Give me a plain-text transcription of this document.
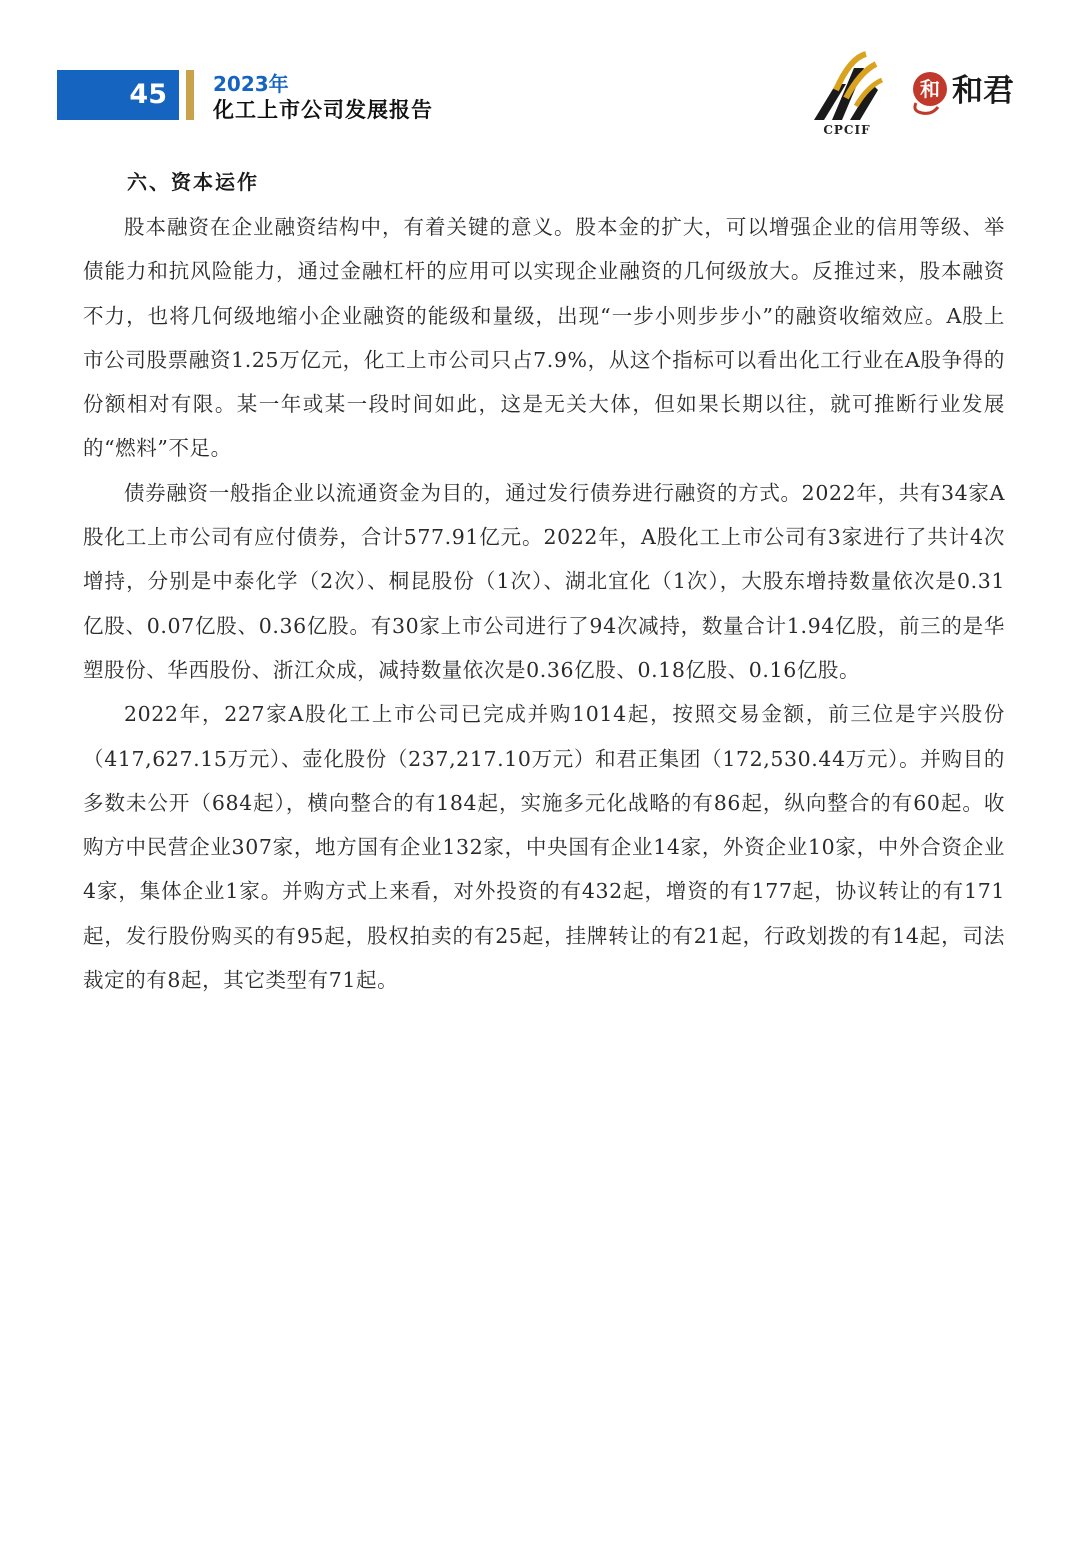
45	2023年
化工上市公司发展报告
CPCIF
和 和君
六、资本运作

股本融资在企业融资结构中，有着关键的意义。股本金的扩大，可以增强企业的信用等级、举债能力和抗风险能力，通过金融杠杆的应用可以实现企业融资的几何级放大。反推过来，股本融资不力，也将几何级地缩小企业融资的能级和量级，出现“一步小则步步小”的融资收缩效应。A股上市公司股票融资1.25万亿元，化工上市公司只占7.9%，从这个指标可以看出化工行业在A股争得的份额相对有限。某一年或某一段时间如此，这是无关大体，但如果长期以往，就可推断行业发展的“燃料”不足。

债券融资一般指企业以流通资金为目的，通过发行债券进行融资的方式。2022年，共有34家A股化工上市公司有应付债券，合计577.91亿元。2022年，A股化工上市公司有3家进行了共计4次增持，分别是中泰化学（2次）、桐昆股份（1次）、湖北宜化（1次），大股东增持数量依次是0.31亿股、0.07亿股、0.36亿股。有30家上市公司进行了94次减持，数量合计1.94亿股，前三的是华塑股份、华西股份、浙江众成，减持数量依次是0.36亿股、0.18亿股、0.16亿股。

2022年，227家A股化工上市公司已完成并购1014起，按照交易金额，前三位是宇兴股份（417,627.15万元）、壶化股份（237,217.10万元）和君正集团（172,530.44万元）。并购目的多数未公开（684起），横向整合的有184起，实施多元化战略的有86起，纵向整合的有60起。收购方中民营企业307家，地方国有企业132家，中央国有企业14家，外资企业10家，中外合资企业4家，集体企业1家。并购方式上来看，对外投资的有432起，增资的有177起，协议转让的有171起，发行股份购买的有95起，股权拍卖的有25起，挂牌转让的有21起，行政划拨的有14起，司法裁定的有8起，其它类型有71起。
